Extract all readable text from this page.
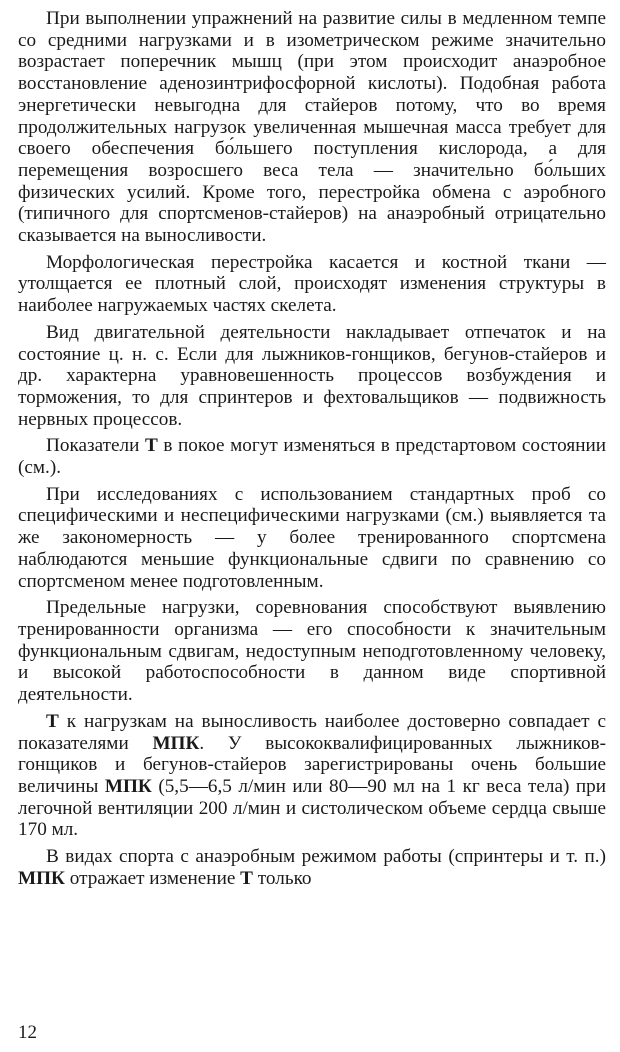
При выполнении упражнений на развитие силы в медленном темпе со средними нагрузками и в изометрическом режиме значительно возрастает поперечник мышц (при этом происходит анаэробное восстановление аденозинтрифосфорной кислоты). Подобная работа энергетически невыгодна для стайеров потому, что во время продолжительных нагрузок увеличенная мышечная масса требует для своего обеспечения бо́льшего поступления кислорода, а для перемещения возросшего веса тела — значительно бо́льших физических усилий. Кроме того, перестройка обмена с аэробного (типичного для спортсменов-стайеров) на анаэробный отрицательно сказывается на выносливости.

Морфологическая перестройка касается и костной ткани — утолщается ее плотный слой, происходят изменения структуры в наиболее нагружаемых частях скелета.

Вид двигательной деятельности накладывает отпечаток и на состояние ц. н. с. Если для лыжников-гонщиков, бегунов-стайеров и др. характерна уравновешенность процессов возбуждения и торможения, то для спринтеров и фехтовальщиков — подвижность нервных процессов.

Показатели Т в покое могут изменяться в предстартовом состоянии (см.).

При исследованиях с использованием стандартных проб со специфическими и неспецифическими нагрузками (см.) выявляется та же закономерность — у более тренированного спортсмена наблюдаются меньшие функциональные сдвиги по сравнению со спортсменом менее подготовленным.

Предельные нагрузки, соревнования способствуют выявлению тренированности организма — его способности к значительным функциональным сдвигам, недоступным неподготовленному человеку, и высокой работоспособности в данном виде спортивной деятельности.

Т к нагрузкам на выносливость наиболее достоверно совпадает с показателями МПК. У высококвалифицированных лыжников-гонщиков и бегунов-стайеров зарегистрированы очень большие величины МПК (5,5—6,5 л/мин или 80—90 мл на 1 кг веса тела) при легочной вентиляции 200 л/мин и систолическом объеме сердца свыше 170 мл.

В видах спорта с анаэробным режимом работы (спринтеры и т. п.) МПК отражает изменение Т только

12
